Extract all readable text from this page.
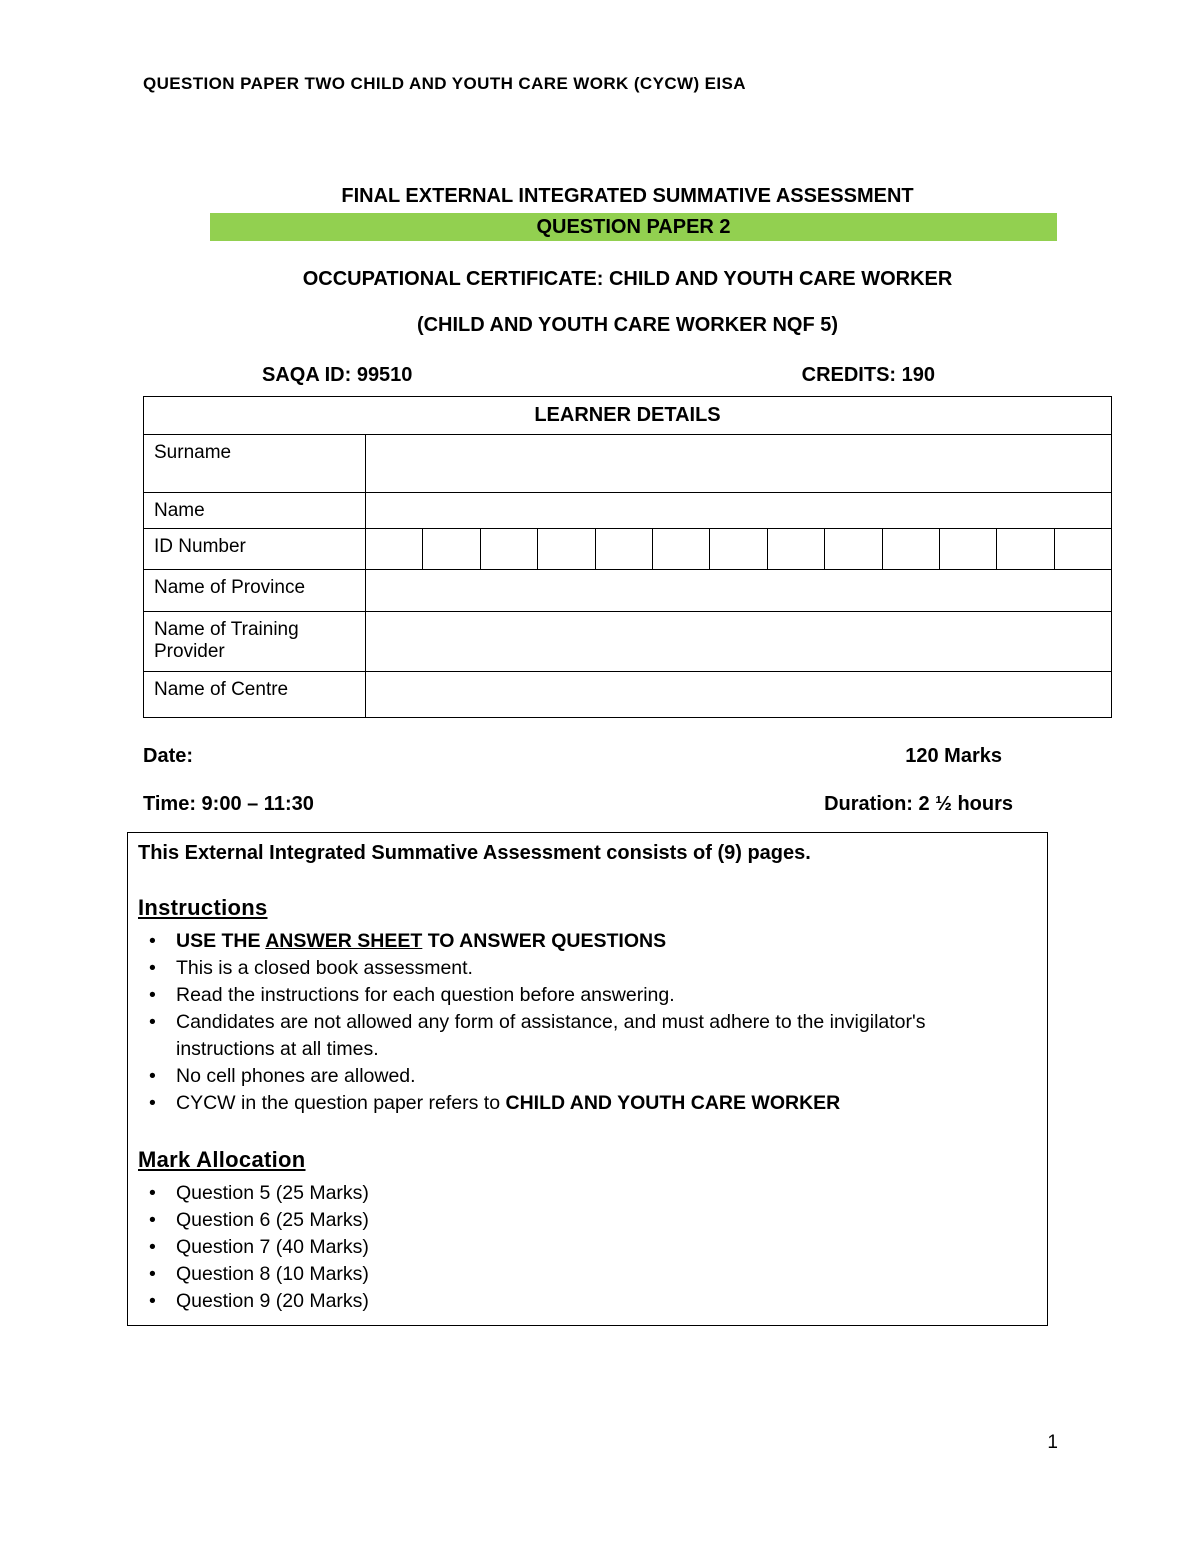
QUESTION PAPER TWO CHILD AND YOUTH CARE WORK (CYCW) EISA
FINAL EXTERNAL INTEGRATED SUMMATIVE ASSESSMENT
QUESTION PAPER 2
OCCUPATIONAL CERTIFICATE: CHILD AND YOUTH CARE WORKER
(CHILD AND YOUTH CARE WORKER NQF 5)
SAQA ID: 99510	CREDITS: 190
LEARNER DETAILS	
Surname	
Name	
ID Number	

Name of Province	
Name of Training Provider	
Name of Centre	
Date:	120 Marks
Time: 9:00 – 11:30	Duration: 2 ½ hours
This External Integrated Summative Assessment consists of (9) pages.
Instructions
•	USE THE ANSWER SHEET TO ANSWER QUESTIONS
•	This is a closed book assessment.
•	Read the instructions for each question before answering.
•	Candidates are not allowed any form of assistance, and must adhere to the invigilator's instructions at all times.
•	No cell phones are allowed.
•	CYCW in the question paper refers to CHILD AND YOUTH CARE WORKER
Mark Allocation
•	Question 5 (25 Marks)
•	Question 6 (25 Marks)
•	Question 7 (40 Marks)
•	Question 8 (10 Marks)
•	Question 9 (20 Marks)
1
